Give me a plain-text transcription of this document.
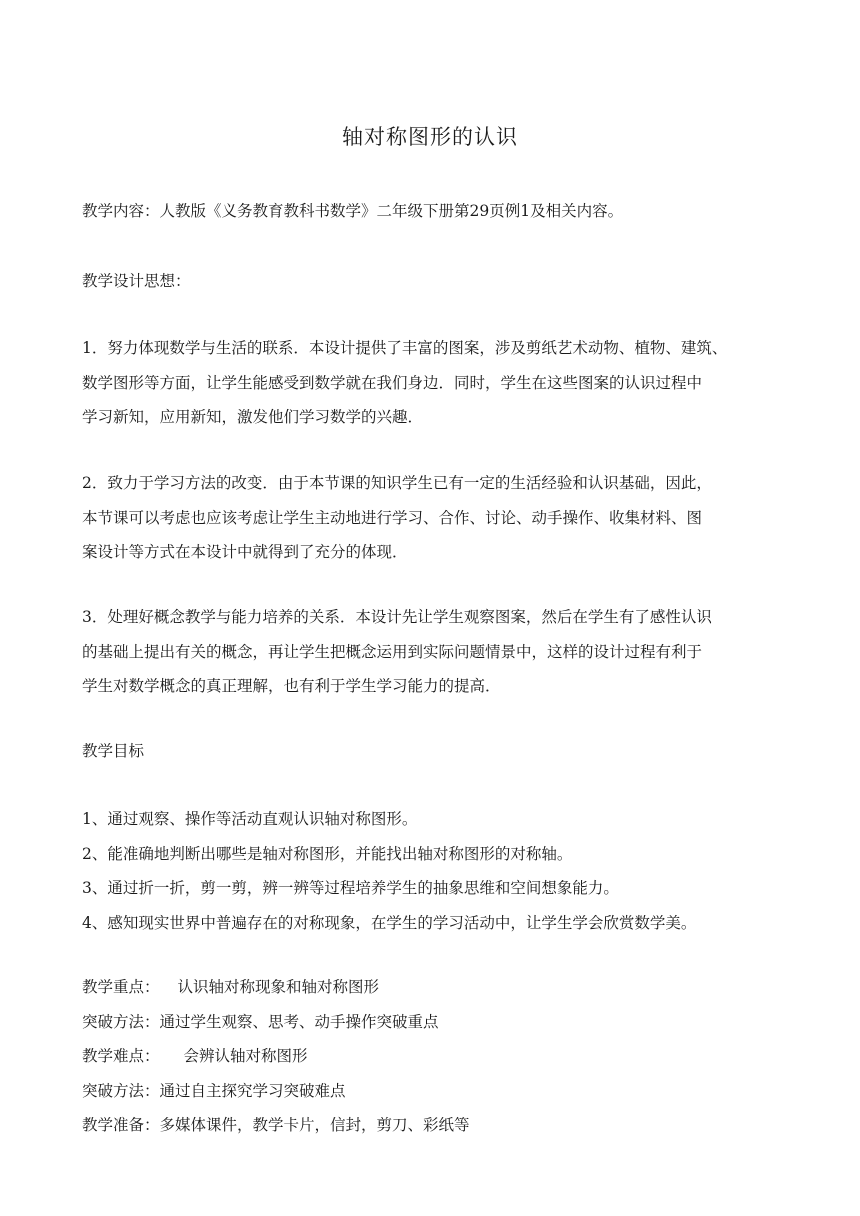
轴对称图形的认识
教学内容：人教版《义务教育教科书数学》二年级下册第29页例1及相关内容。
教学设计思想：
1．努力体现数学与生活的联系．本设计提供了丰富的图案，涉及剪纸艺术动物、植物、建筑、
数学图形等方面，让学生能感受到数学就在我们身边．同时，学生在这些图案的认识过程中
学习新知，应用新知，激发他们学习数学的兴趣．
2．致力于学习方法的改变．由于本节课的知识学生已有一定的生活经验和认识基础，因此，
本节课可以考虑也应该考虑让学生主动地进行学习、合作、讨论、动手操作、收集材料、图
案设计等方式在本设计中就得到了充分的体现．
3．处理好概念教学与能力培养的关系．本设计先让学生观察图案，然后在学生有了感性认识
的基础上提出有关的概念，再让学生把概念运用到实际问题情景中，这样的设计过程有利于
学生对数学概念的真正理解，也有利于学生学习能力的提高．
教学目标
1、通过观察、操作等活动直观认识轴对称图形。
2、能准确地判断出哪些是轴对称图形，并能找出轴对称图形的对称轴。
3、通过折一折，剪一剪，辨一辨等过程培养学生的抽象思维和空间想象能力。
4、感知现实世界中普遍存在的对称现象，在学生的学习活动中，让学生学会欣赏数学美。
教学重点： 认识轴对称现象和轴对称图形
突破方法：通过学生观察、思考、动手操作突破重点
教学难点： 会辨认轴对称图形
突破方法：通过自主探究学习突破难点
教学准备：多媒体课件，教学卡片，信封，剪刀、彩纸等
